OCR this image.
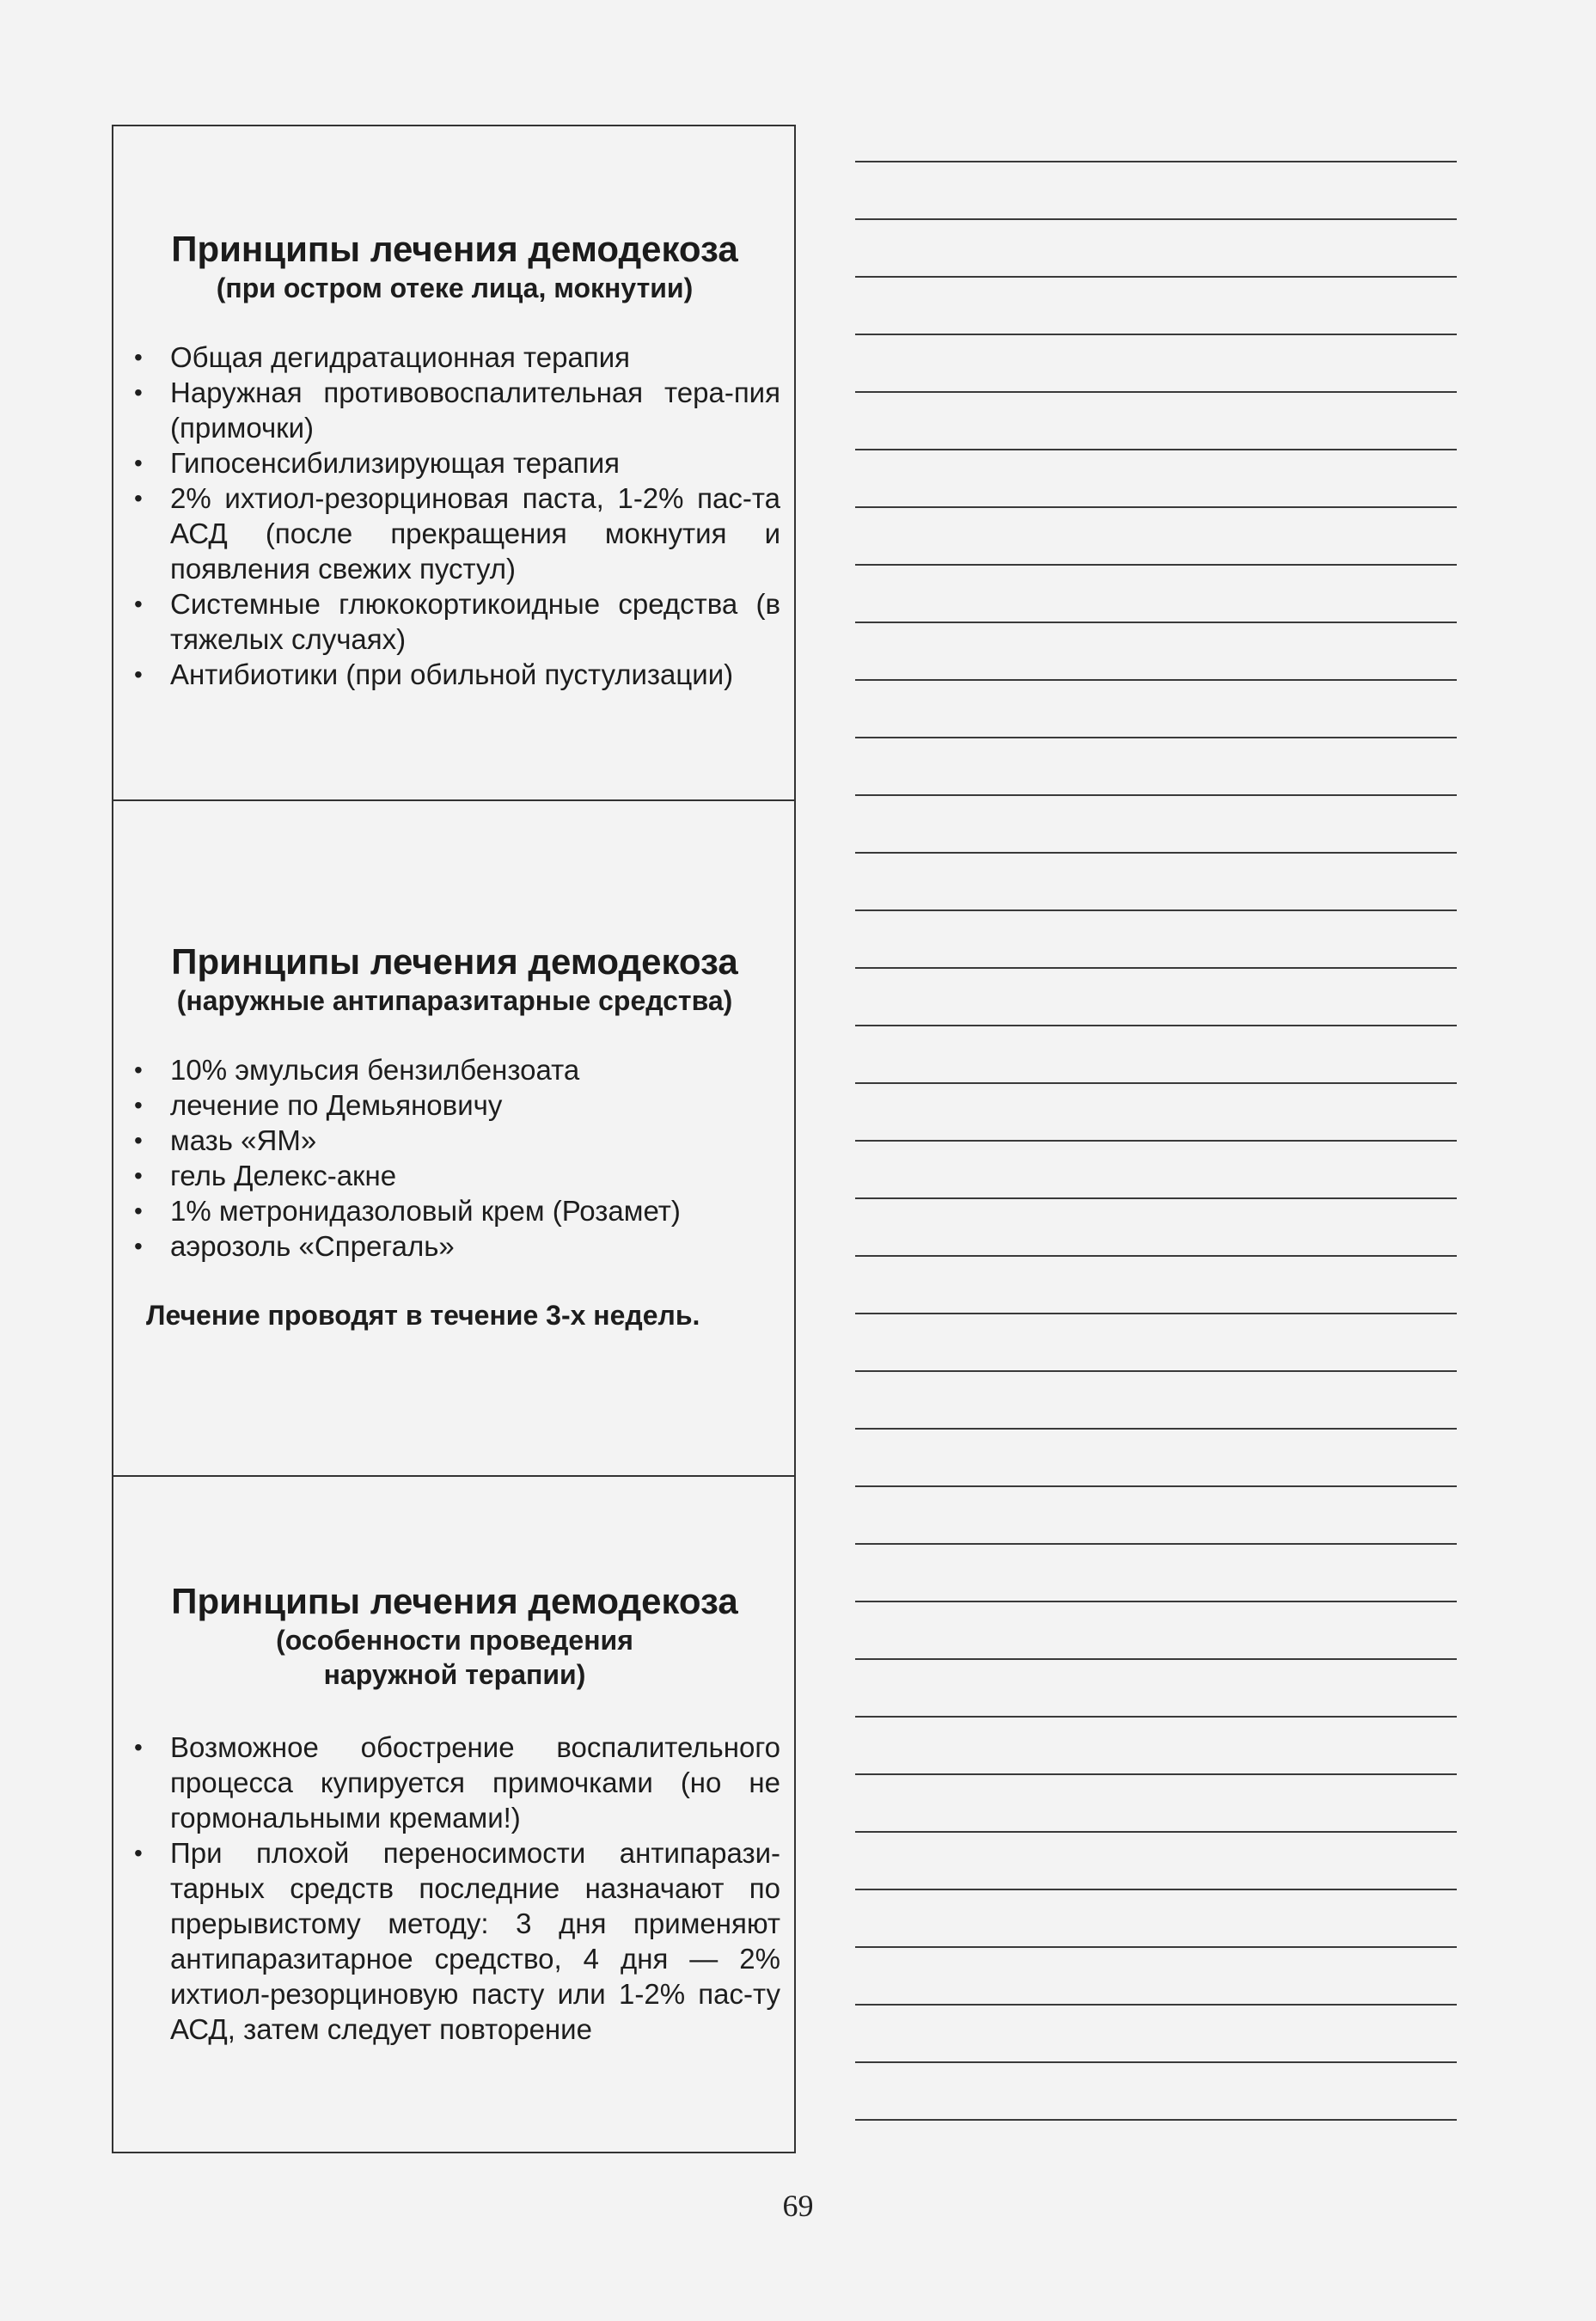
Принципы лечения демодекоза

(при остром отеке лица, мокнутии)

• Общая дегидратационная терапия
• Наружная противовоспалительная тера-пия (примочки)
• Гипосенсибилизирующая терапия
• 2% ихтиол-резорциновая паста, 1-2% пас-та АСД (после прекращения мокнутия и появления свежих пустул)
• Системные глюкокортикоидные средства (в тяжелых случаях)
• Антибиотики (при обильной пустулизации)
Принципы лечения демодекоза

(наружные антипаразитарные средства)

• 10% эмульсия бензилбензоата
• лечение по Демьяновичу
• мазь «ЯМ»
• гель Делекс-акне
• 1% метронидазоловый крем (Розамет)
• аэрозоль «Спрегаль»

Лечение проводят в течение 3-х недель.

Принципы лечения демодекоза

(особенности проведения наружной терапии)

• Возможное обострение воспалительного процесса купируется примочками (но не гормональными кремами!)
• При плохой переносимости антипарази-тарных средств последние назначают по прерывистому методу: 3 дня применяют антипаразитарное средство, 4 дня — 2% ихтиол-резорциновую пасту или 1-2% пас-ту АСД, затем следует повторение
69
